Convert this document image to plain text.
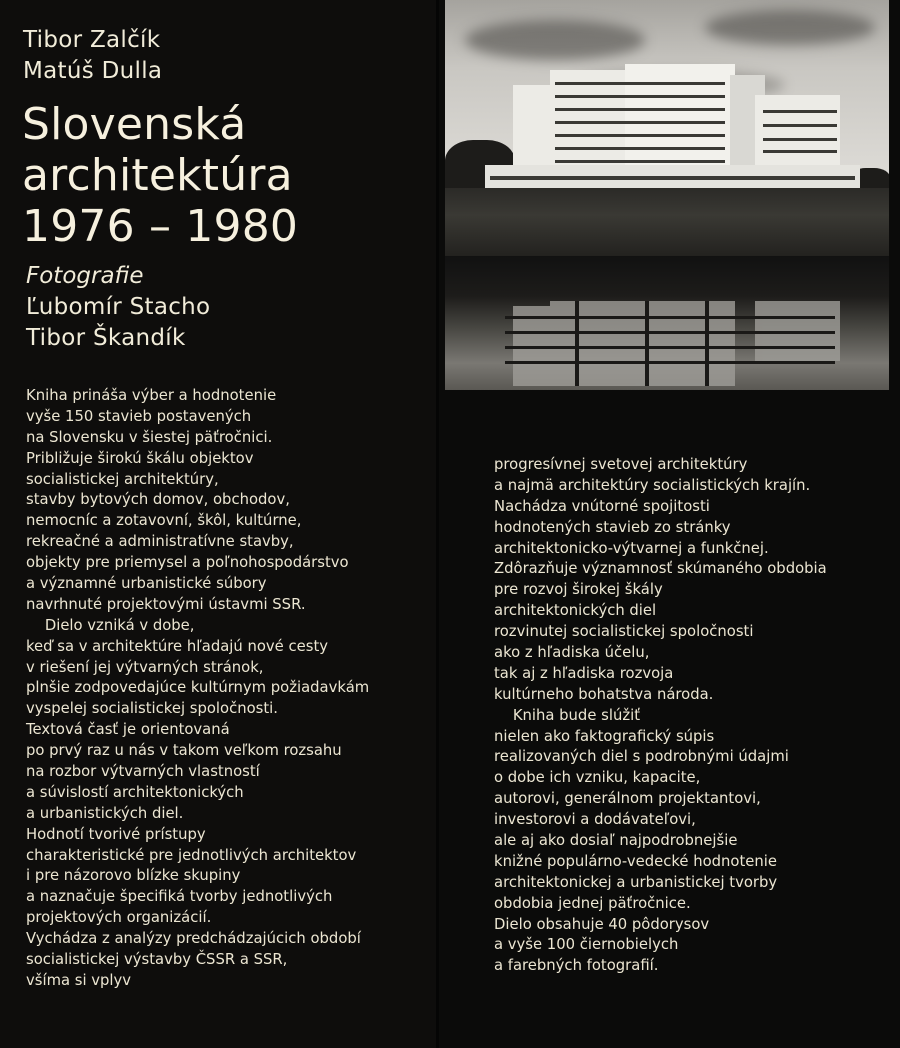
Tibor Zalčík
Matúš Dulla
Slovenská
architektúra
1976 – 1980
Fotografie
Ľubomír Stacho
Tibor Škandík
Kniha prináša výber a hodnotenie
vyše 150 stavieb postavených
na Slovensku v šiestej päťročnici.
Približuje širokú škálu objektov
socialistickej architektúry,
stavby bytových domov, obchodov,
nemocníc a zotavovní, škôl, kultúrne,
rekreačné a administratívne stavby,
objekty pre priemysel a poľnohospodárstvo
a významné urbanistické súbory
navrhnuté projektovými ústavmi SSR.
Dielo vzniká v dobe,
keď sa v architektúre hľadajú nové cesty
v riešení jej výtvarných stránok,
plnšie zodpovedajúce kultúrnym požiadavkám
vyspelej socialistickej spoločnosti.
Textová časť je orientovaná
po prvý raz u nás v takom veľkom rozsahu
na rozbor výtvarných vlastností
a súvislostí architektonických
a urbanistických diel.
Hodnotí tvorivé prístupy
charakteristické pre jednotlivých architektov
i pre názorovo blízke skupiny
a naznačuje špecifiká tvorby jednotlivých
projektových organizácií.
Vychádza z analýzy predchádzajúcich období
socialistickej výstavby ČSSR a SSR,
všíma si vplyv
progresívnej svetovej architektúry
a najmä architektúry socialistických krajín.
Nachádza vnútorné spojitosti
hodnotených stavieb zo stránky
architektonicko-výtvarnej a funkčnej.
Zdôrazňuje významnosť skúmaného obdobia
pre rozvoj širokej škály
architektonických diel
rozvinutej socialistickej spoločnosti
ako z hľadiska účelu,
tak aj z hľadiska rozvoja
kultúrneho bohatstva národa.
Kniha bude slúžiť
nielen ako faktografický súpis
realizovaných diel s podrobnými údajmi
o dobe ich vzniku, kapacite,
autorovi, generálnom projektantovi,
investorovi a dodávateľovi,
ale aj ako dosiaľ najpodrobnejšie
knižné populárno-vedecké hodnotenie
architektonickej a urbanistickej tvorby
obdobia jednej päťročnice.
Dielo obsahuje 40 pôdorysov
a vyše 100 čiernobielych
a farebných fotografií.
